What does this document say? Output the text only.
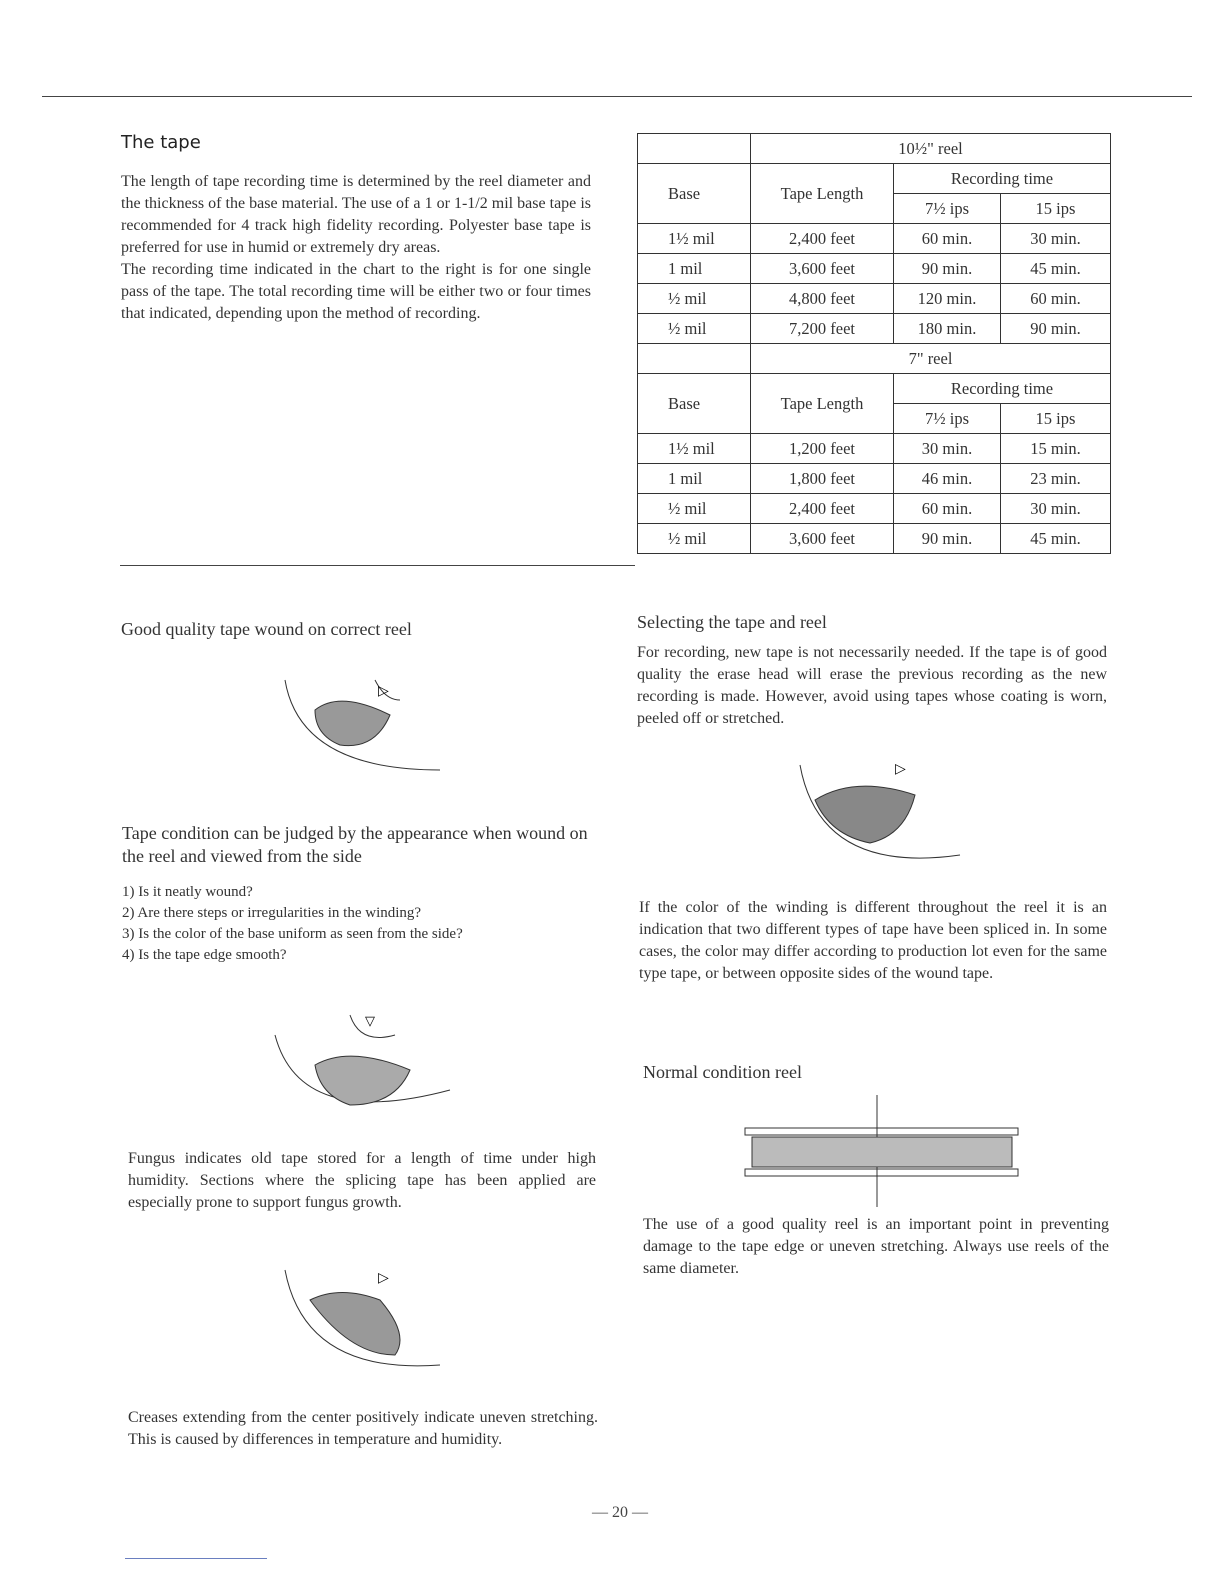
The tape
The length of tape recording time is determined by the reel diameter and the thickness of the base material. The use of a 1 or 1-1/2 mil base tape is recommended for 4 track high fidelity recording. Polyester base tape is preferred for use in humid or extremely dry areas.
The recording time indicated in the chart to the right is for one single pass of the tape. The total recording time will be either two or four times that indicated, depending upon the method of recording.
	10½" reel		
Base	Tape Length	Recording time	
		7½ ips	15 ips
1½ mil	2,400 feet	60 min.	30 min.
1 mil	3,600 feet	90 min.	45 min.
½ mil	4,800 feet	120 min.	60 min.
½ mil	7,200 feet	180 min.	90 min.
	7" reel		
Base	Tape Length	Recording time	
		7½ ips	15 ips
1½ mil	1,200 feet	30 min.	15 min.
1 mil	1,800 feet	46 min.	23 min.
½ mil	2,400 feet	60 min.	30 min.
½ mil	3,600 feet	90 min.	45 min.
Good quality tape wound on correct reel
▷
Tape condition can be judged by the appearance when wound on the reel and viewed from the side
1) Is it neatly wound?
2) Are there steps or irregularities in the winding?
3) Is the color of the base uniform as seen from the side?
4) Is the tape edge smooth?
▽
Fungus indicates old tape stored for a length of time under high humidity. Sections where the splicing tape has been applied are especially prone to support fungus growth.
▷
Creases extending from the center positively indicate uneven stretching. This is caused by differences in temperature and humidity.
Selecting the tape and reel
For recording, new tape is not necessarily needed. If the tape is of good quality the erase head will erase the previous recording as the new recording is made. However, avoid using tapes whose coating is worn, peeled off or stretched.
▷
If the color of the winding is different throughout the reel it is an indication that two different types of tape have been spliced in. In some cases, the color may differ according to production lot even for the same type tape, or between opposite sides of the wound tape.
Normal condition reel
The use of a good quality reel is an important point in preventing damage to the tape edge or uneven stretching. Always use reels of the same diameter.
— 20 —
